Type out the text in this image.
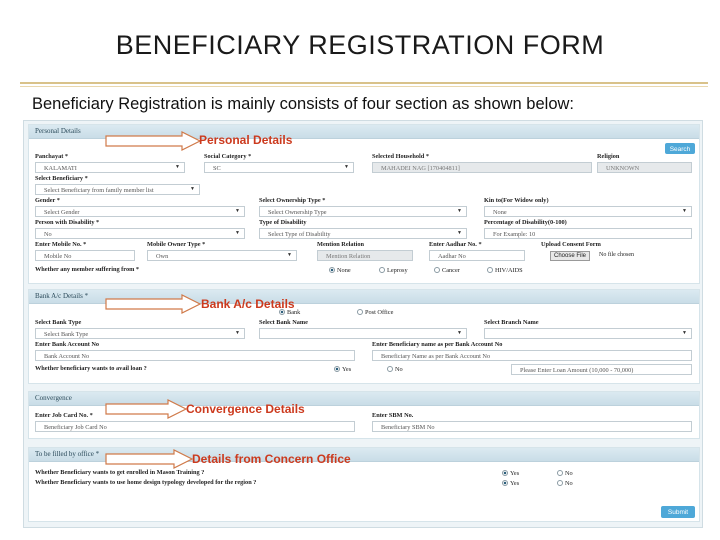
BENEFICIARY REGISTRATION FORM
Beneficiary Registration is mainly consists of four section as shown below:
Personal Details
Search
Panchayat *
KALAMATI	▼
Social Category *
SC	▼
Selected Household *
MAHADEI NAG [170404811]
Religion
UNKNOWN
Select Beneficiary *
Select Beneficiary from family member list	▼
Gender *
Select Gender	▼
Select Ownership Type *
Select Ownership Type	▼
Kin to(For Widow only)
None	▼
Person with Disability *
No	▼
Type of Disability
Select Type of Disability	▼
Percentage of Disability(0-100)
For Example: 10
Enter Mobile No. *
Mobile No
Mobile Owner Type *
Own	▼
Mention Relation
Mention Relation
Enter Aadhar No. *
Aadhar No
Upload Consent Form
Choose File	No file chosen
Whether any member suffering from *	None	Leprosy	Cancer	HIV/AIDS
Bank A/c Details *
Bank	Post Office
Select Bank Type
Select Bank Type	▼
Select Bank Name
▼
Select Branch Name
▼
Enter Bank Account No
Bank Account No
Enter Beneficiary name as per Bank Account No
Beneficiary Name as per Bank Account No
Whether beneficiary wants to avail loan ?	Yes	No	Please Enter Loan Amount (10,000 - 70,000)
Convergence
Enter Job Card No. *
Beneficiary Job Card No
Enter SBM No.
Beneficiary SBM No
To be filled by office *
Whether Beneficiary wants to get enrolled in Mason Training ?	Yes	No
Whether Beneficiary wants to use home design typology developed for the region ?	Yes	No
Submit
Personal Details
Bank A/c Details
Convergence Details
Details from Concern Office
